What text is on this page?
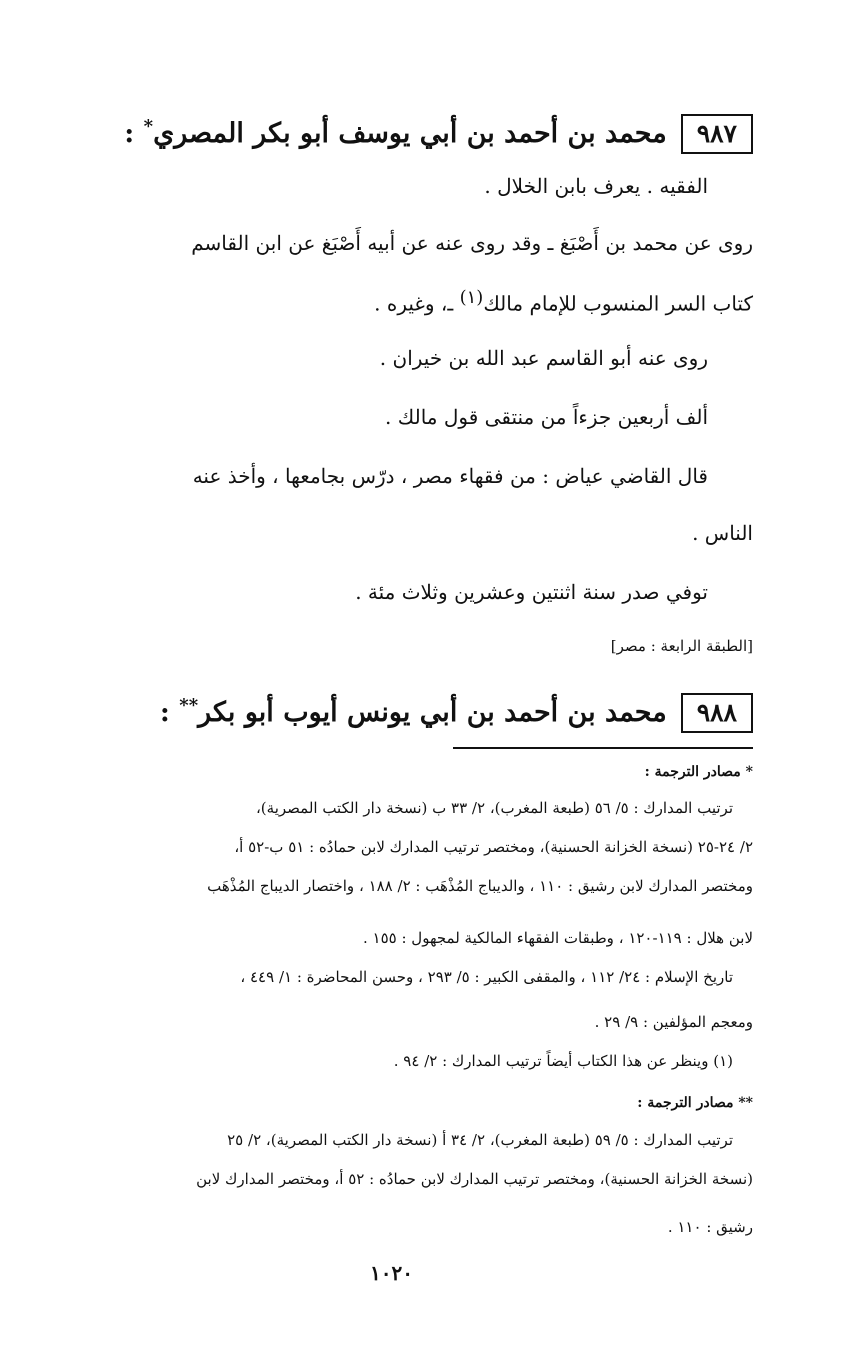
٩٨٧محمد بن أحمد بن أبي يوسف أبو بكر المصري* :
الفقيه . يعرف بابن الخلال .
روى عن محمد بن أَصْبَغ ـ وقد روى عنه عن أبيه أَصْبَغ عن ابن القاسم
كتاب السر المنسوب للإمام مالك(١) ـ، وغيره .
روى عنه أبو القاسم عبد الله بن خيران .
ألف أربعين جزءاً من منتقى قول مالك .
قال القاضي عياض : من فقهاء مصر ، درّس بجامعها ، وأخذ عنه
الناس .
توفي صدر سنة اثنتين وعشرين وثلاث مئة .
[الطبقة الرابعة : مصر]
٩٨٨محمد بن أحمد بن أبي يونس أيوب أبو بكر** :
* مصادر الترجمة :
ترتيب المدارك : ٥/ ٥٦ (طبعة المغرب)، ٢/ ٣٣ ب (نسخة دار الكتب المصرية)،
٢/ ٢٤-٢٥ (نسخة الخزانة الحسنية)، ومختصر ترتيب المدارك لابن حمادُه : ٥١ ب-٥٢ أ،
ومختصر المدارك لابن رشيق : ١١٠ ، والديباج المُذْهَب : ٢/ ١٨٨ ، واختصار الديباج المُذْهَب
لابن هلال : ١١٩-١٢٠ ، وطبقات الفقهاء المالكية لمجهول : ١٥٥ .
تاريخ الإسلام : ٢٤/ ١١٢ ، والمقفى الكبير : ٥/ ٢٩٣ ، وحسن المحاضرة : ١/ ٤٤٩ ،
ومعجم المؤلفين : ٩/ ٢٩ .
(١) وينظر عن هذا الكتاب أيضاً ترتيب المدارك : ٢/ ٩٤ .
** مصادر الترجمة :
ترتيب المدارك : ٥/ ٥٩ (طبعة المغرب)، ٢/ ٣٤ أ (نسخة دار الكتب المصرية)، ٢/ ٢٥
(نسخة الخزانة الحسنية)، ومختصر ترتيب المدارك لابن حمادُه : ٥٢ أ، ومختصر المدارك لابن
رشيق : ١١٠ .
١٠٢٠
